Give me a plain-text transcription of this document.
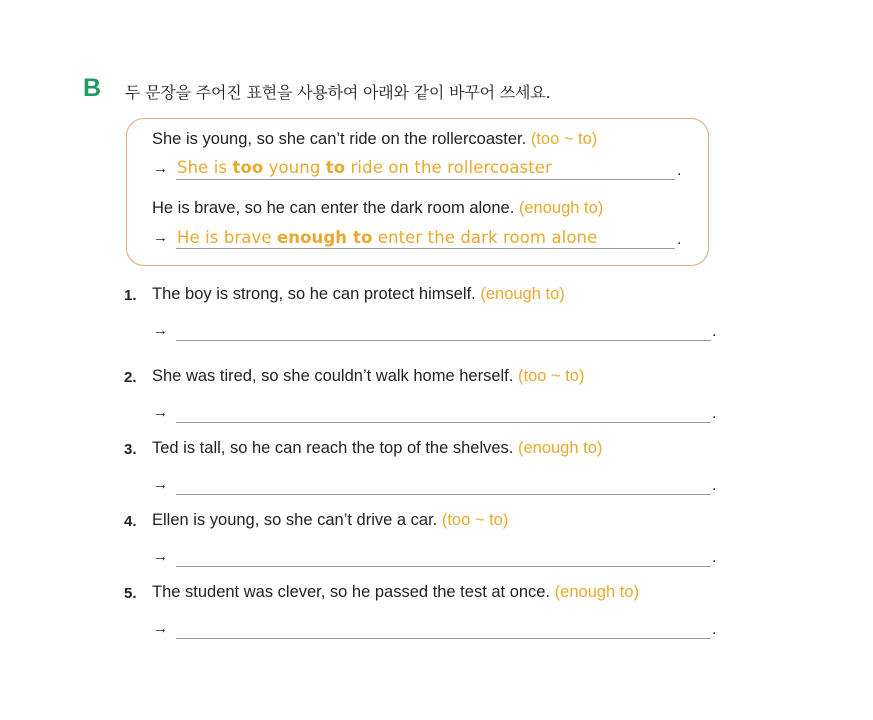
B 두 문장을 주어진 표현을 사용하여 아래와 같이 바꾸어 쓰세요.
She is young, so she can’t ride on the rollercoaster. (too ~ to)
→ She is too young to ride on the rollercoaster	.
He is brave, so he can enter the dark room alone. (enough to)
→ He is brave enough to enter the dark room alone	.
1. The boy is strong, so he can protect himself. (enough to)
→	.
2. She was tired, so she couldn’t walk home herself. (too ~ to)
→	.
3. Ted is tall, so he can reach the top of the shelves. (enough to)
→	.
4. Ellen is young, so she can’t drive a car. (too ~ to)
→	.
5. The student was clever, so he passed the test at once. (enough to)
→	.
